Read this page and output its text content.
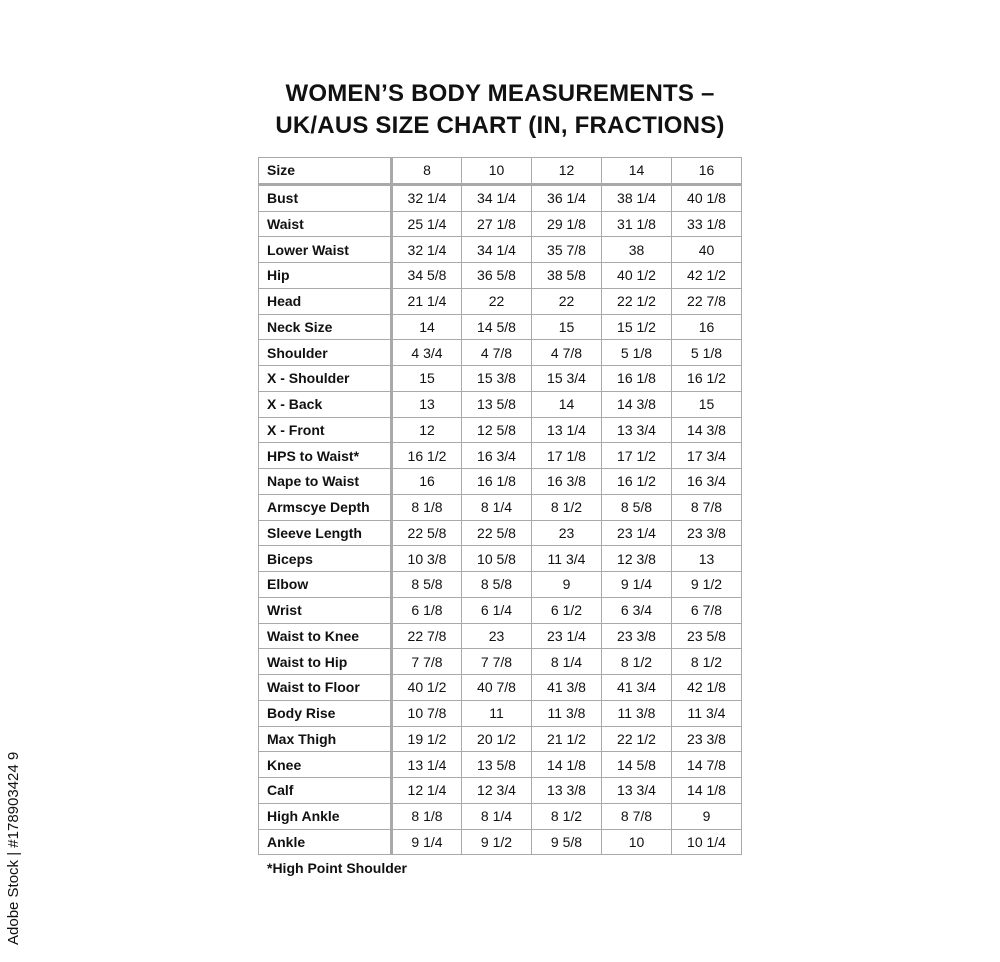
WOMEN’S BODY MEASUREMENTS –
UK/AUS SIZE CHART (IN, FRACTIONS)
Size	8	10	12	14	16
Bust	32 1/4	34 1/4	36 1/4	38 1/4	40 1/8
Waist	25 1/4	27 1/8	29 1/8	31 1/8	33 1/8
Lower Waist	32 1/4	34 1/4	35 7/8	38	40
Hip	34 5/8	36 5/8	38 5/8	40 1/2	42 1/2
Head	21 1/4	22	22	22 1/2	22 7/8
Neck Size	14	14 5/8	15	15 1/2	16
Shoulder	4 3/4	4 7/8	4 7/8	5 1/8	5 1/8
X - Shoulder	15	15 3/8	15 3/4	16 1/8	16 1/2
X - Back	13	13 5/8	14	14 3/8	15
X - Front	12	12 5/8	13 1/4	13 3/4	14 3/8
HPS to Waist*	16 1/2	16 3/4	17 1/8	17 1/2	17 3/4
Nape to Waist	16	16 1/8	16 3/8	16 1/2	16 3/4
Armscye Depth	8 1/8	8 1/4	8 1/2	8 5/8	8 7/8
Sleeve Length	22 5/8	22 5/8	23	23 1/4	23 3/8
Biceps	10 3/8	10 5/8	11 3/4	12 3/8	13
Elbow	8 5/8	8 5/8	9	9 1/4	9 1/2
Wrist	6 1/8	6 1/4	6 1/2	6 3/4	6 7/8
Waist to Knee	22 7/8	23	23 1/4	23 3/8	23 5/8
Waist to Hip	7 7/8	7 7/8	8 1/4	8 1/2	8 1/2
Waist to Floor	40 1/2	40 7/8	41 3/8	41 3/4	42 1/8
Body Rise	10 7/8	11	11 3/8	11 3/8	11 3/4
Max Thigh	19 1/2	20 1/2	21 1/2	22 1/2	23 3/8
Knee	13 1/4	13 5/8	14 1/8	14 5/8	14 7/8
Calf	12 1/4	12 3/4	13 3/8	13 3/4	14 1/8
High Ankle	8 1/8	8 1/4	8 1/2	8 7/8	9
Ankle	9 1/4	9 1/2	9 5/8	10	10 1/4
*High Point Shoulder
Adobe Stock | #178903424 9
